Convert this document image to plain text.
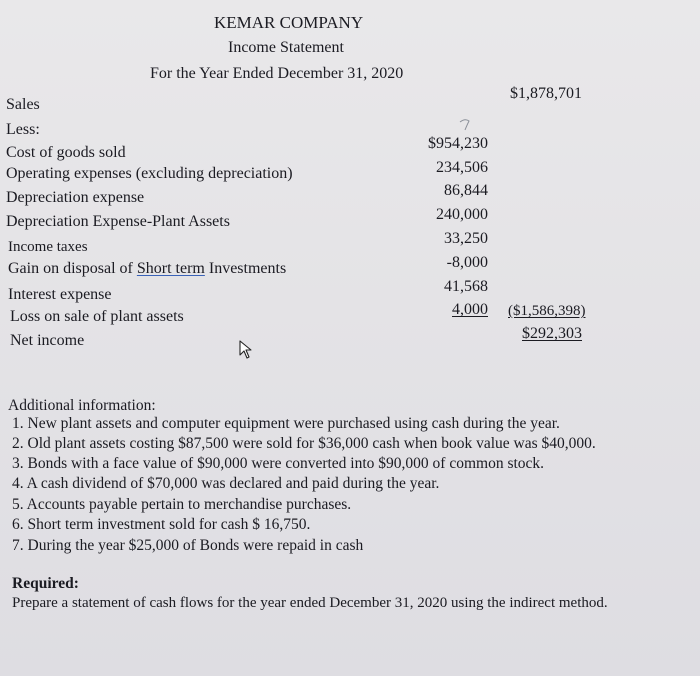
KEMAR COMPANY
Income Statement
For the Year Ended December 31, 2020
Sales
$1,878,701
Less:
Cost of goods sold
Operating expenses (excluding depreciation)
Depreciation expense
Depreciation Expense-Plant Assets
Income taxes
Gain on disposal of Short term Investments
Interest expense
Loss on sale of plant assets
Net income
$954,230
234,506
86,844
240,000
33,250
-8,000
41,568
4,000 ($1,586,398)
$292,303
Additional information:
1. New plant assets and computer equipment were purchased using cash during the year.
2. Old plant assets costing $87,500 were sold for $36,000 cash when book value was $40,000.
3. Bonds with a face value of $90,000 were converted into $90,000 of common stock.
4. A cash dividend of $70,000 was declared and paid during the year.
5. Accounts payable pertain to merchandise purchases.
6. Short term investment sold for cash $ 16,750.
7. During the year $25,000 of Bonds were repaid in cash
Required:
Prepare a statement of cash flows for the year ended December 31, 2020 using the indirect method.
